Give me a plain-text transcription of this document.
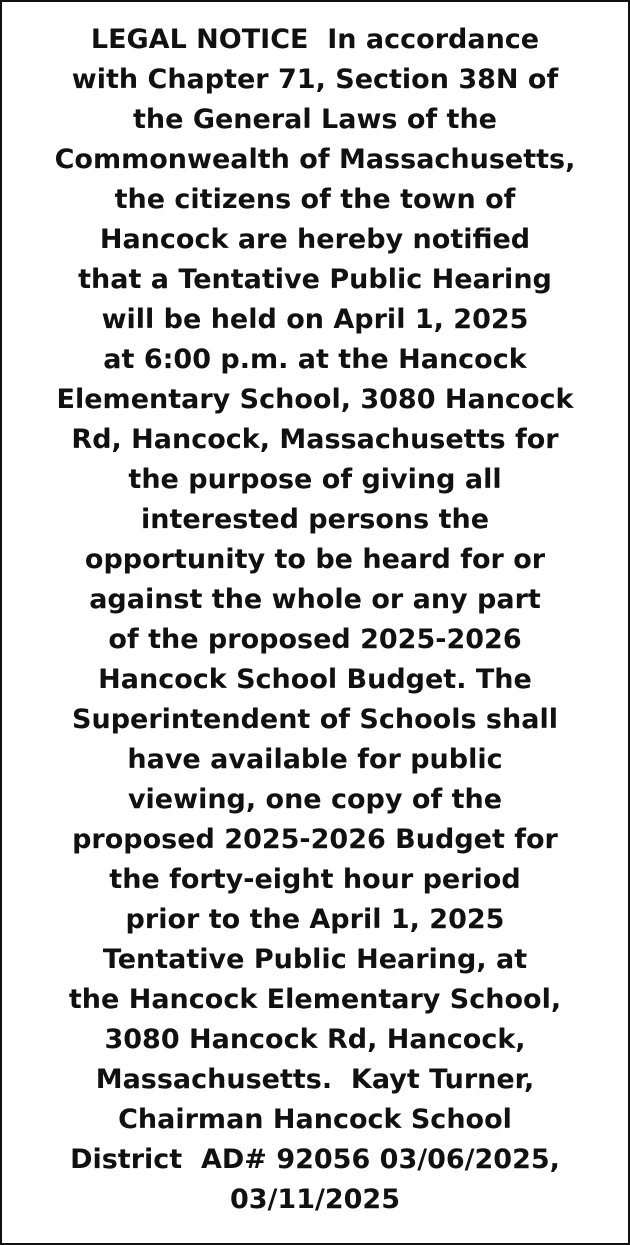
LEGAL NOTICE  In accordance
with Chapter 71, Section 38N of
the General Laws of the
Commonwealth of Massachusetts,
the citizens of the town of
Hancock are hereby notified
that a Tentative Public Hearing
will be held on April 1, 2025
at 6:00 p.m. at the Hancock
Elementary School, 3080 Hancock
Rd, Hancock, Massachusetts for
the purpose of giving all
interested persons the
opportunity to be heard for or
against the whole or any part
of the proposed 2025-2026
Hancock School Budget. The
Superintendent of Schools shall
have available for public
viewing, one copy of the
proposed 2025-2026 Budget for
the forty-eight hour period
prior to the April 1, 2025
Tentative Public Hearing, at
the Hancock Elementary School,
3080 Hancock Rd, Hancock,
Massachusetts.  Kayt Turner,
Chairman Hancock School
District  AD# 92056 03/06/2025,
03/11/2025
